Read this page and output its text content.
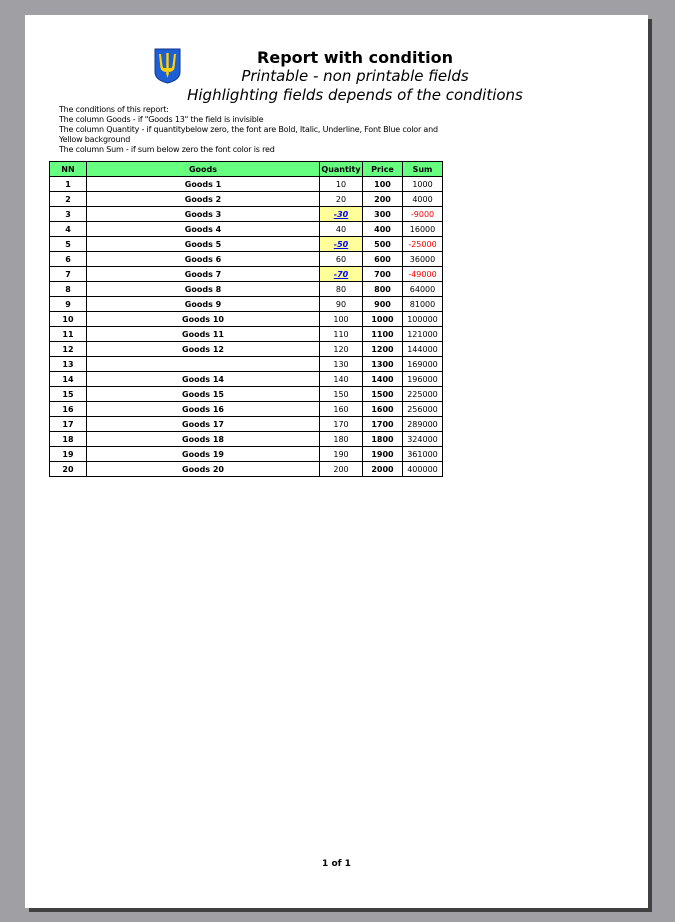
Report with condition
Printable - non printable fields
Highlighting fields depends of the conditions
The conditions of this report:
The column Goods - if "Goods 13" the field is invisible
The column Quantity - if quantitybelow zero, the font are Bold, Italic, Underline, Font Blue color and Yellow background
The column Sum - if sum below zero the font color is red
NN	Goods	Quantity	Price	Sum
1	Goods 1	10	100	1000
2	Goods 2	20	200	4000
3	Goods 3	-30	300	-9000
4	Goods 4	40	400	16000
5	Goods 5	-50	500	-25000
6	Goods 6	60	600	36000
7	Goods 7	-70	700	-49000
8	Goods 8	80	800	64000
9	Goods 9	90	900	81000
10	Goods 10	100	1000	100000
11	Goods 11	110	1100	121000
12	Goods 12	120	1200	144000
13		130	1300	169000
14	Goods 14	140	1400	196000
15	Goods 15	150	1500	225000
16	Goods 16	160	1600	256000
17	Goods 17	170	1700	289000
18	Goods 18	180	1800	324000
19	Goods 19	190	1900	361000
20	Goods 20	200	2000	400000
1 of 1
